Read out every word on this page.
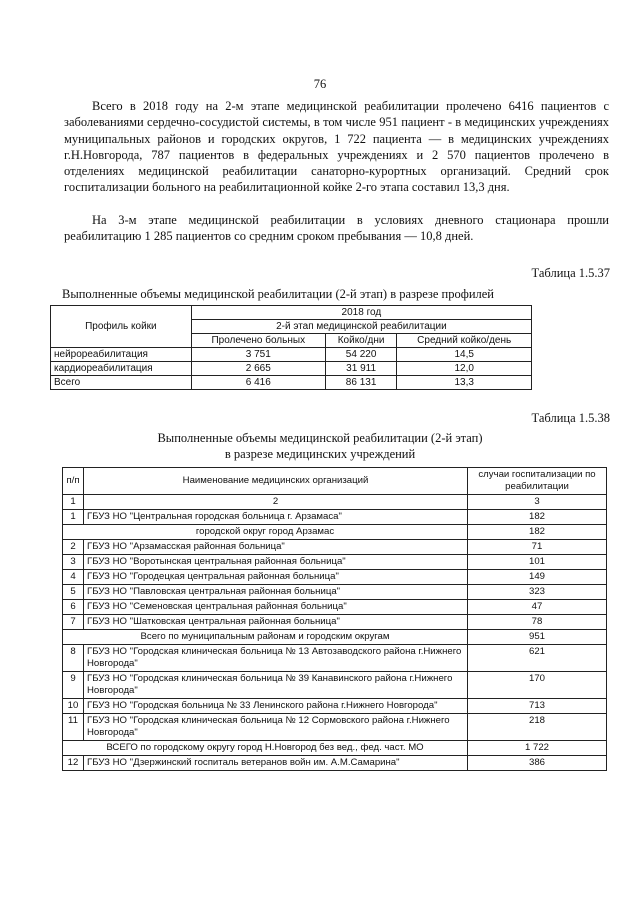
76

Всего в 2018 году на 2-м этапе медицинской реабилитации пролечено 6416 пациентов с заболеваниями сердечно-сосудистой системы, в том числе 951 пациент - в медицинских учреждениях муниципальных районов и городских округов, 1 722 пациента — в медицинских учреждениях г.Н.Новгорода, 787 пациентов в федеральных учреждениях и 2 570 пациентов пролечено в отделениях медицинской реабилитации санаторно-курортных организаций. Средний срок госпитализации больного на реабилитационной койке 2-го этапа составил 13,3 дня.

На 3-м этапе медицинской реабилитации в условиях дневного стационара прошли реабилитацию 1 285 пациентов со средним сроком пребывания — 10,8 дней.

Таблица 1.5.37
Выполненные объемы медицинской реабилитации (2-й этап) в разрезе профилей
Профиль койки	2018 год		
	2-й этап медицинской реабилитации		
	Пролечено больных	Койко/дни	Средний койко/день
нейрореабилитация	3 751	54 220	14,5
кардиореабилитация	2 665	31 911	12,0
Всего	6 416	86 131	13,3
Таблица 1.5.38
Выполненные объемы медицинской реабилитации (2-й этап)
в разрезе медицинских учреждений
п/п	Наименование медицинских организаций	случаи госпитализации по реабилитации
1	2	3
1	ГБУЗ НО "Центральная городская больница г. Арзамаса"	182
городской округ город Арзамас		182
2	ГБУЗ НО "Арзамасская районная больница"	71
3	ГБУЗ НО "Воротынская центральная районная больница"	101
4	ГБУЗ НО "Городецкая центральная районная больница"	149
5	ГБУЗ НО "Павловская центральная районная больница"	323
6	ГБУЗ НО "Семеновская центральная районная больница"	47
7	ГБУЗ НО "Шатковская центральная районная больница"	78
Всего по муниципальным районам и городским округам		951
8	ГБУЗ НО "Городская клиническая больница № 13 Автозаводского района г.Нижнего Новгорода"	621
9	ГБУЗ НО "Городская клиническая больница № 39 Канавинского района г.Нижнего Новгорода"	170
10	ГБУЗ НО "Городская больница № 33 Ленинского района г.Нижнего Новгорода"	713
11	ГБУЗ НО "Городская клиническая больница № 12 Сормовского района г.Нижнего Новгорода"	218
ВСЕГО по городскому округу город Н.Новгород без вед., фед. част. МО		1 722
12	ГБУЗ НО "Дзержинский госпиталь ветеранов войн им. А.М.Самарина"	386
